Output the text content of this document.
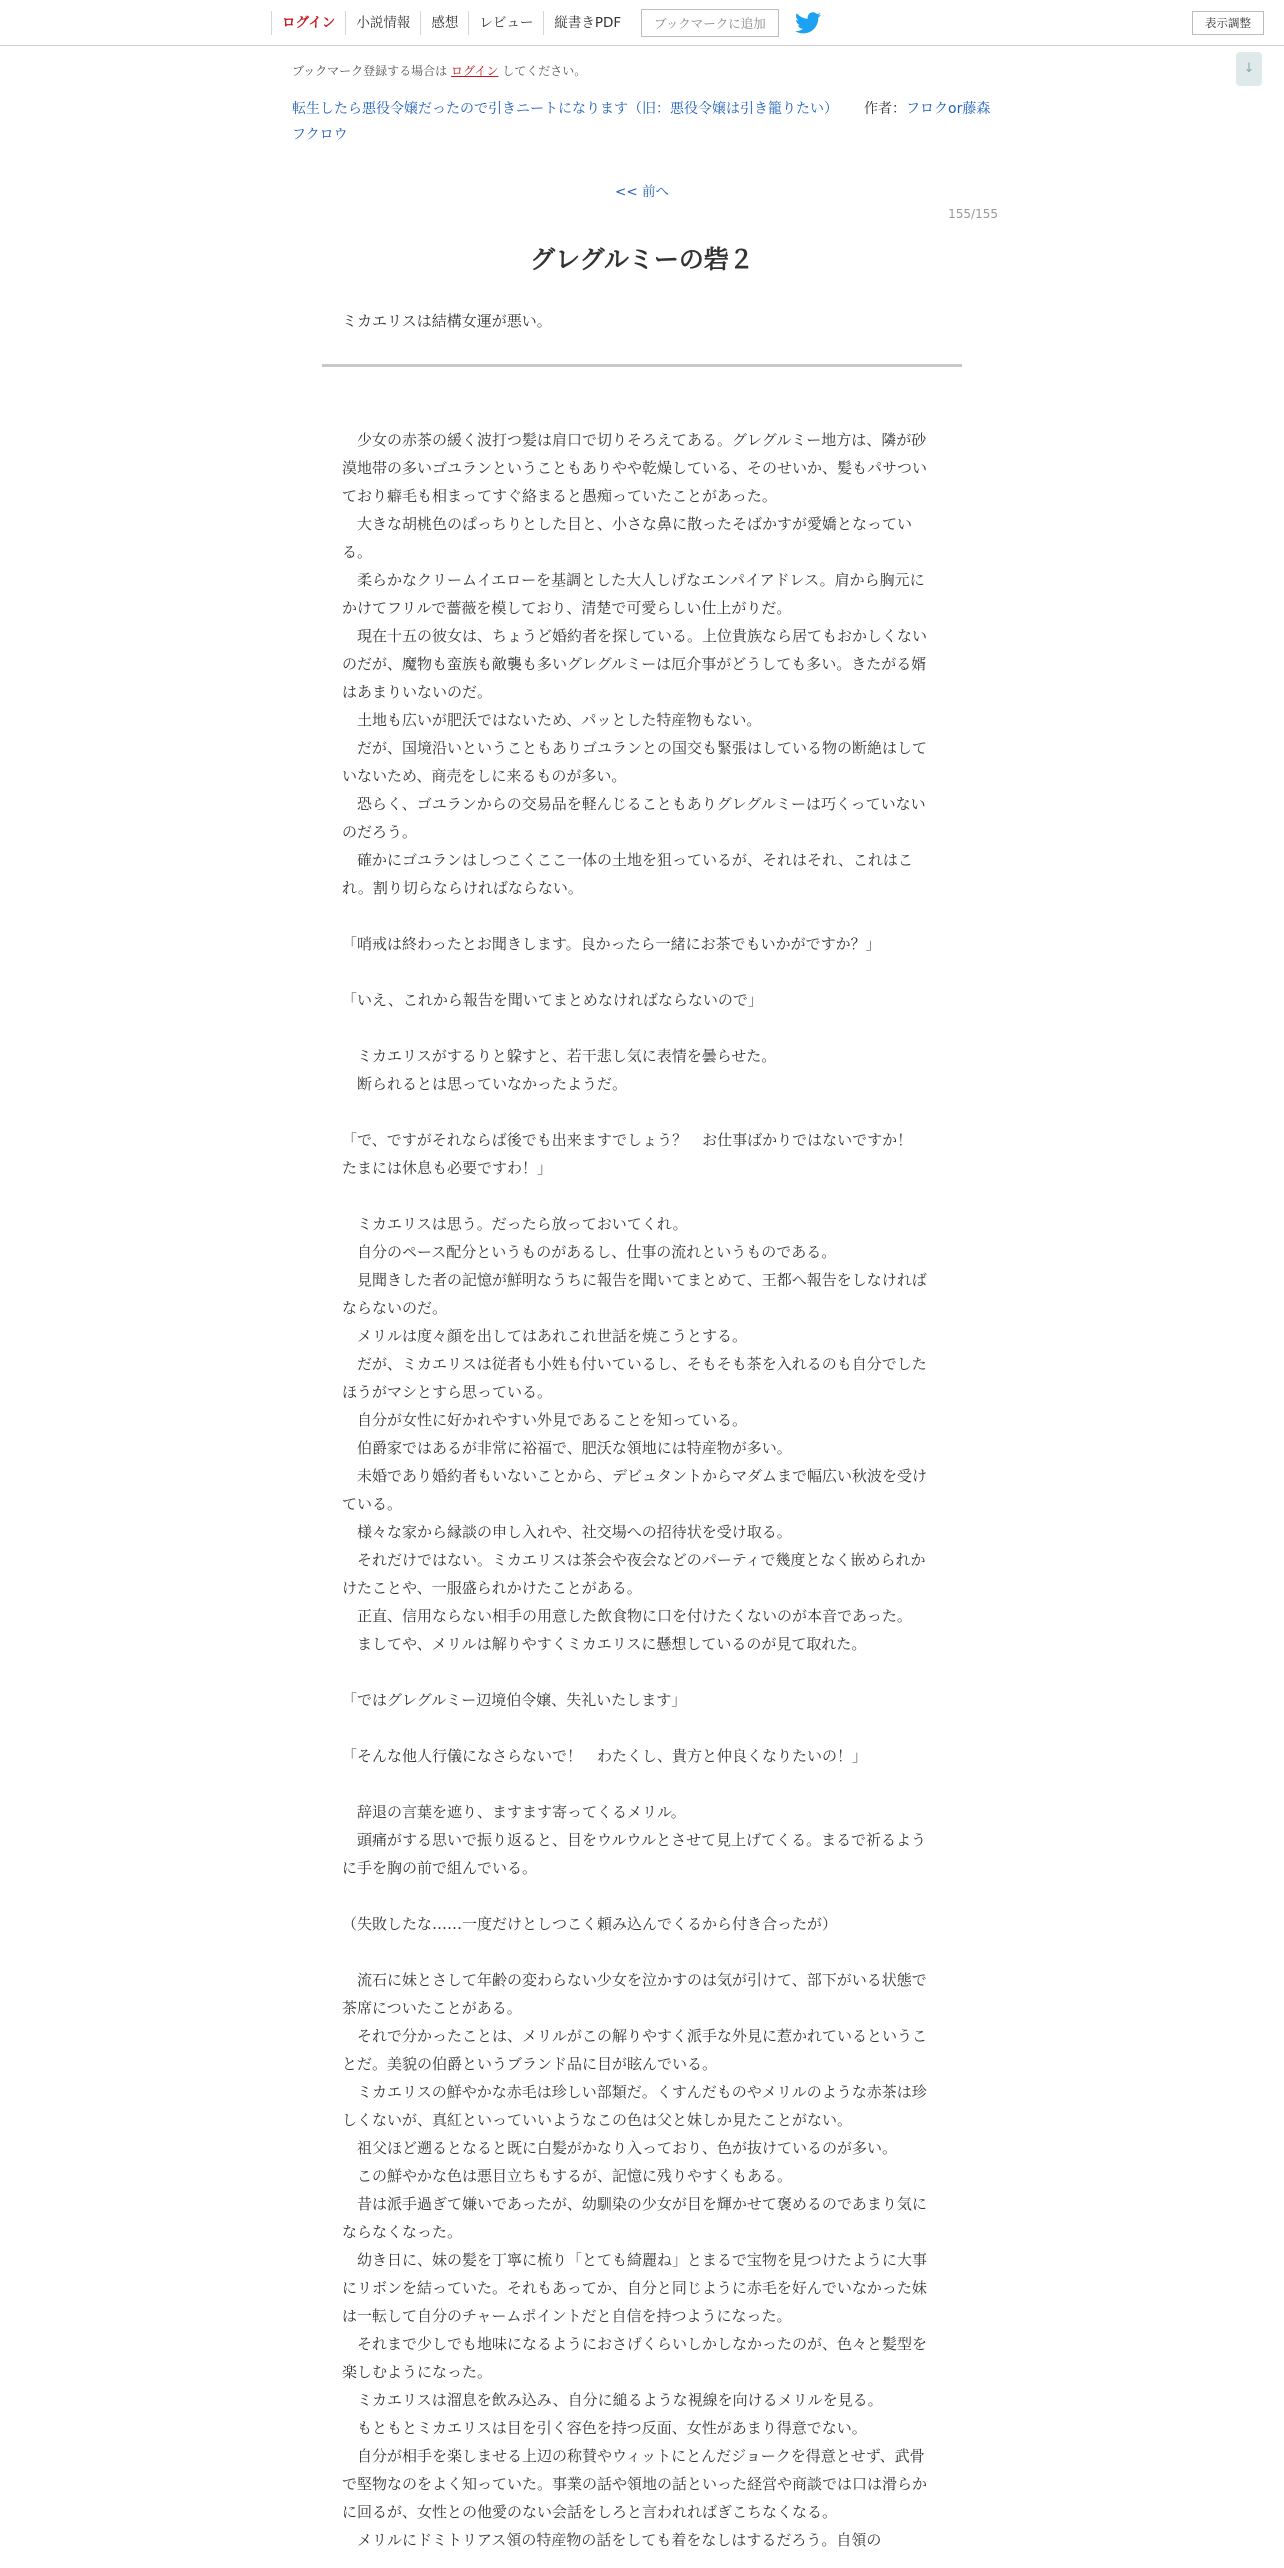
ログイン	小説情報	感想	レビュー	縦書きPDF	ブックマークに追加	表示調整
↓
ブックマーク登録する場合は ログイン してください。
転生したら悪役令嬢だったので引きニートになります（旧：悪役令嬢は引き籠りたい） 作者：フロクor藤森フクロウ
<< 前へ
155/155
グレグルミーの砦２
ミカエリスは結構女運が悪い。

　少女の赤茶の緩く波打つ髪は肩口で切りそろえてある。グレグルミー地方は、隣が砂漠地帯の多いゴユランということもありやや乾燥している、そのせいか、髪もパサついており癖毛も相まってすぐ絡まると愚痴っていたことがあった。

　大きな胡桃色のぱっちりとした目と、小さな鼻に散ったそばかすが愛嬌となっている。

　柔らかなクリームイエローを基調とした大人しげなエンパイアドレス。肩から胸元にかけてフリルで薔薇を模しており、清楚で可愛らしい仕上がりだ。

　現在十五の彼女は、ちょうど婚約者を探している。上位貴族なら居てもおかしくないのだが、魔物も蛮族も敵襲も多いグレグルミーは厄介事がどうしても多い。きたがる婿はあまりいないのだ。

　土地も広いが肥沃ではないため、パッとした特産物もない。

　だが、国境沿いということもありゴユランとの国交も緊張はしている物の断絶はしていないため、商売をしに来るものが多い。

　恐らく、ゴユランからの交易品を軽んじることもありグレグルミーは巧くっていないのだろう。

　確かにゴユランはしつこくここ一体の土地を狙っているが、それはそれ、これはこれ。割り切らならければならない。

「哨戒は終わったとお聞きします。良かったら一緒にお茶でもいかがですか？」

「いえ、これから報告を聞いてまとめなければならないので」

　ミカエリスがするりと躱すと、若干悲し気に表情を曇らせた。

　断られるとは思っていなかったようだ。

「で、ですがそれならば後でも出来ますでしょう？　お仕事ばかりではないですか！　たまには休息も必要ですわ！」

　ミカエリスは思う。だったら放っておいてくれ。

　自分のペース配分というものがあるし、仕事の流れというものである。

　見聞きした者の記憶が鮮明なうちに報告を聞いてまとめて、王都へ報告をしなければならないのだ。

　メリルは度々顔を出してはあれこれ世話を焼こうとする。

　だが、ミカエリスは従者も小姓も付いているし、そもそも茶を入れるのも自分でしたほうがマシとすら思っている。

　自分が女性に好かれやすい外見であることを知っている。

　伯爵家ではあるが非常に裕福で、肥沃な領地には特産物が多い。

　未婚であり婚約者もいないことから、デビュタントからマダムまで幅広い秋波を受けている。

　様々な家から縁談の申し入れや、社交場への招待状を受け取る。

　それだけではない。ミカエリスは茶会や夜会などのパーティで幾度となく嵌められかけたことや、一服盛られかけたことがある。

　正直、信用ならない相手の用意した飲食物に口を付けたくないのが本音であった。

　ましてや、メリルは解りやすくミカエリスに懸想しているのが見て取れた。

「ではグレグルミー辺境伯令嬢、失礼いたします」

「そんな他人行儀になさらないで！　わたくし、貴方と仲良くなりたいの！」

　辞退の言葉を遮り、ますます寄ってくるメリル。

　頭痛がする思いで振り返ると、目をウルウルとさせて見上げてくる。まるで祈るように手を胸の前で組んでいる。

（失敗したな……一度だけとしつこく頼み込んでくるから付き合ったが）

　流石に妹とさして年齢の変わらない少女を泣かすのは気が引けて、部下がいる状態で茶席についたことがある。

　それで分かったことは、メリルがこの解りやすく派手な外見に惹かれているということだ。美貌の伯爵というブランド品に目が眩んでいる。

　ミカエリスの鮮やかな赤毛は珍しい部類だ。くすんだものやメリルのような赤茶は珍しくないが、真紅といっていいようなこの色は父と妹しか見たことがない。

　祖父ほど遡るとなると既に白髪がかなり入っており、色が抜けているのが多い。

　この鮮やかな色は悪目立ちもするが、記憶に残りやすくもある。

　昔は派手過ぎて嫌いであったが、幼馴染の少女が目を輝かせて褒めるのであまり気にならなくなった。

　幼き日に、妹の髪を丁寧に梳り「とても綺麗ね」とまるで宝物を見つけたように大事にリボンを結っていた。それもあってか、自分と同じように赤毛を好んでいなかった妹は一転して自分のチャームポイントだと自信を持つようになった。

　それまで少しでも地味になるようにおさげくらいしかしなかったのが、色々と髪型を楽しむようになった。

　ミカエリスは溜息を飲み込み、自分に縋るような視線を向けるメリルを見る。

　もともとミカエリスは目を引く容色を持つ反面、女性があまり得意でない。

　自分が相手を楽しませる上辺の称賛やウィットにとんだジョークを得意とせず、武骨で堅物なのをよく知っていた。事業の話や領地の話といった経営や商談では口は滑らかに回るが、女性との他愛のない会話をしろと言われればぎこちなくなる。

　メリルにドミトリアス領の特産物の話をしても着をなしはするだろう。自領の
